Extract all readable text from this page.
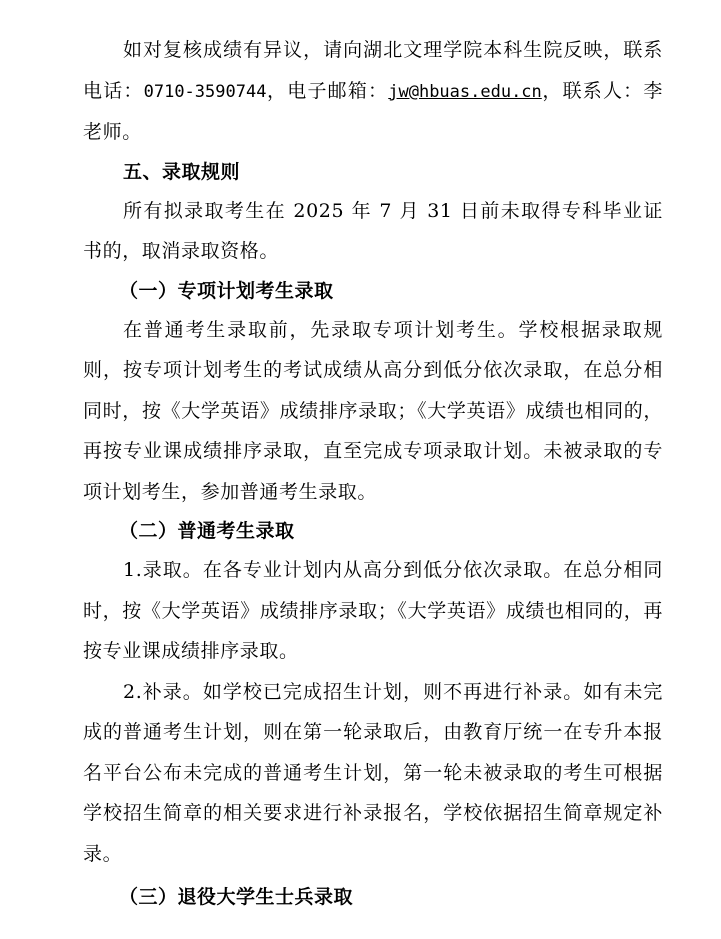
如对复核成绩有异议，请向湖北文理学院本科生院反映，联系电话：0710-3590744，电子邮箱：jw@hbuas.edu.cn，联系人：李老师。

五、录取规则

所有拟录取考生在 2025 年 7 月 31 日前未取得专科毕业证书的，取消录取资格。

（一）专项计划考生录取

在普通考生录取前，先录取专项计划考生。学校根据录取规则，按专项计划考生的考试成绩从高分到低分依次录取，在总分相同时，按《大学英语》成绩排序录取；《大学英语》成绩也相同的，再按专业课成绩排序录取，直至完成专项录取计划。未被录取的专项计划考生，参加普通考生录取。

（二）普通考生录取

1.录取。在各专业计划内从高分到低分依次录取。在总分相同时，按《大学英语》成绩排序录取；《大学英语》成绩也相同的，再按专业课成绩排序录取。

2.补录。如学校已完成招生计划，则不再进行补录。如有未完成的普通考生计划，则在第一轮录取后，由教育厅统一在专升本报名平台公布未完成的普通考生计划，第一轮未被录取的考生可根据学校招生简章的相关要求进行补录报名，学校依据招生简章规定补录。

（三）退役大学生士兵录取
